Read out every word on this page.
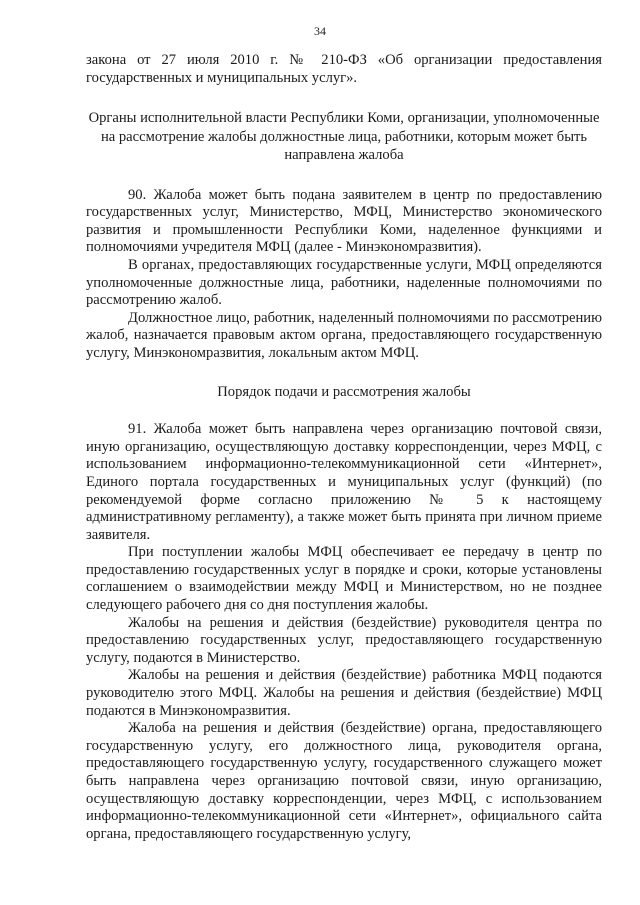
34

закона от 27 июля 2010 г. № 210-ФЗ «Об организации предоставления государственных и муниципальных услуг».

Органы исполнительной власти Республики Коми, организации, уполномоченные на рассмотрение жалобы должностные лица, работники, которым может быть направлена жалоба

90. Жалоба может быть подана заявителем в центр по предоставлению государственных услуг, Министерство, МФЦ, Министерство экономического развития и промышленности Республики Коми, наделенное функциями и полномочиями учредителя МФЦ (далее - Минэкономразвития).

В органах, предоставляющих государственные услуги, МФЦ определяются уполномоченные должностные лица, работники, наделенные полномочиями по рассмотрению жалоб.

Должностное лицо, работник, наделенный полномочиями по рассмотрению жалоб, назначается правовым актом органа, предоставляющего государственную услугу, Минэкономразвития, локальным актом МФЦ.

Порядок подачи и рассмотрения жалобы

91. Жалоба может быть направлена через организацию почтовой связи, иную организацию, осуществляющую доставку корреспонденции, через МФЦ, с использованием информационно-телекоммуникационной сети «Интернет», Единого портала государственных и муниципальных услуг (функций) (по рекомендуемой форме согласно приложению № 5 к настоящему административному регламенту), а также может быть принята при личном приеме заявителя.

При поступлении жалобы МФЦ обеспечивает ее передачу в центр по предоставлению государственных услуг в порядке и сроки, которые установлены соглашением о взаимодействии между МФЦ и Министерством, но не позднее следующего рабочего дня со дня поступления жалобы.

Жалобы на решения и действия (бездействие) руководителя центра по предоставлению государственных услуг, предоставляющего государственную услугу, подаются в Министерство.

Жалобы на решения и действия (бездействие) работника МФЦ подаются руководителю этого МФЦ. Жалобы на решения и действия (бездействие) МФЦ подаются в Минэкономразвития.

Жалоба на решения и действия (бездействие) органа, предоставляющего государственную услугу, его должностного лица, руководителя органа, предоставляющего государственную услугу, государственного служащего может быть направлена через организацию почтовой связи, иную организацию, осуществляющую доставку корреспонденции, через МФЦ, с использованием информационно-телекоммуникационной сети «Интернет», официального сайта органа, предоставляющего государственную услугу,
